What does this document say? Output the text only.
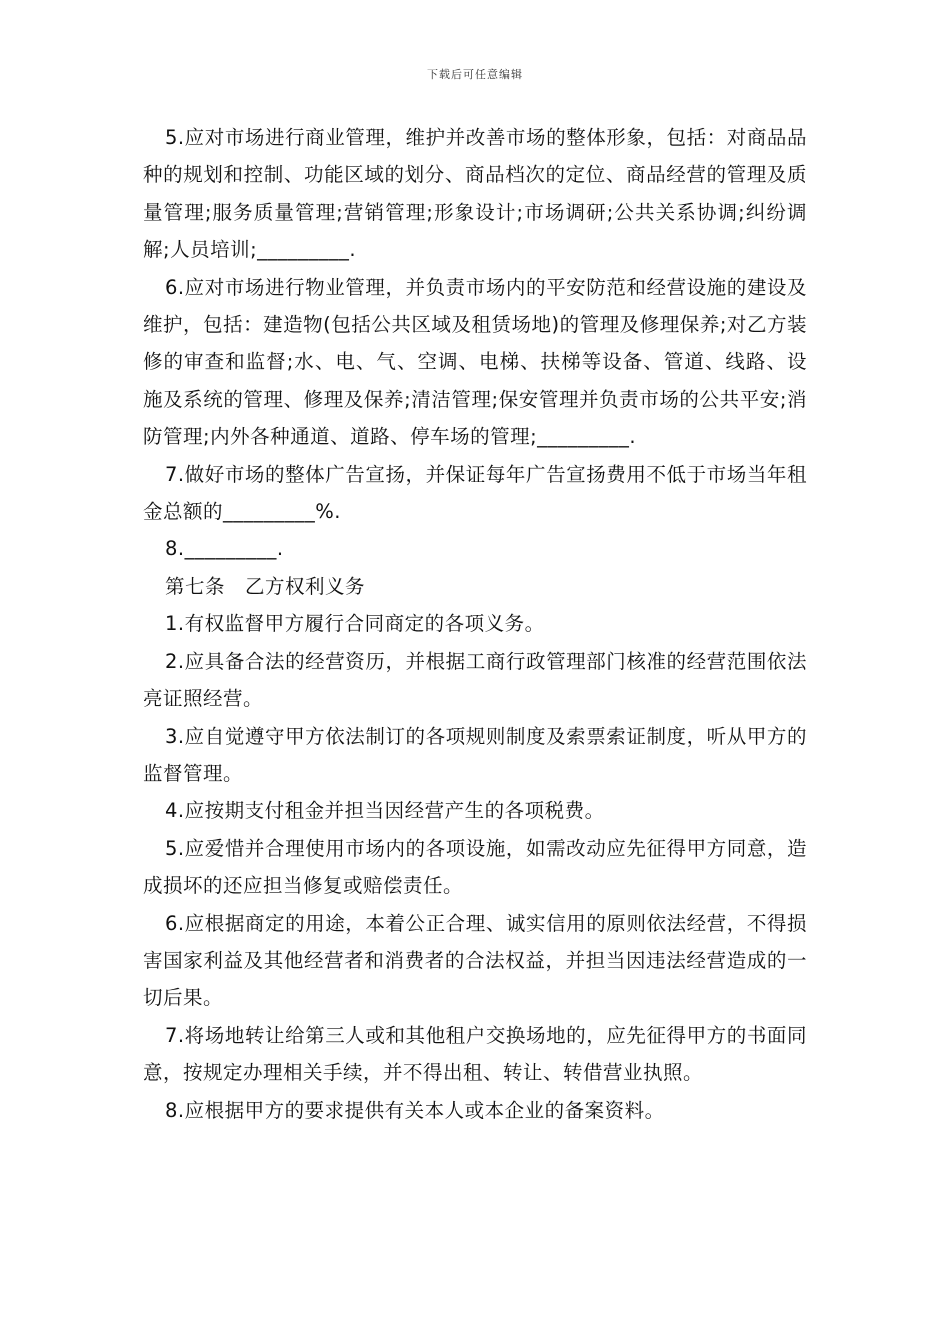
下载后可任意编辑

5.应对市场进行商业管理，维护并改善市场的整体形象，包括：对商品品种的规划和控制、功能区域的划分、商品档次的定位、商品经营的管理及质量管理;服务质量管理;营销管理;形象设计;市场调研;公共关系协调;纠纷调解;人员培训;_________.

6.应对市场进行物业管理，并负责市场内的平安防范和经营设施的建设及维护，包括：建造物(包括公共区域及租赁场地)的管理及修理保养;对乙方装修的审查和监督;水、电、气、空调、电梯、扶梯等设备、管道、线路、设施及系统的管理、修理及保养;清洁管理;保安管理并负责市场的公共平安;消防管理;内外各种通道、道路、停车场的管理;_________.

7.做好市场的整体广告宣扬，并保证每年广告宣扬费用不低于市场当年租金总额的_________%.

8._________.

第七条　乙方权利义务

1.有权监督甲方履行合同商定的各项义务。

2.应具备合法的经营资历，并根据工商行政管理部门核准的经营范围依法亮证照经营。

3.应自觉遵守甲方依法制订的各项规则制度及索票索证制度，听从甲方的监督管理。

4.应按期支付租金并担当因经营产生的各项税费。

5.应爱惜并合理使用市场内的各项设施，如需改动应先征得甲方同意，造成损坏的还应担当修复或赔偿责任。

6.应根据商定的用途，本着公正合理、诚实信用的原则依法经营，不得损害国家利益及其他经营者和消费者的合法权益，并担当因违法经营造成的一切后果。

7.将场地转让给第三人或和其他租户交换场地的，应先征得甲方的书面同意，按规定办理相关手续，并不得出租、转让、转借营业执照。

8.应根据甲方的要求提供有关本人或本企业的备案资料。
